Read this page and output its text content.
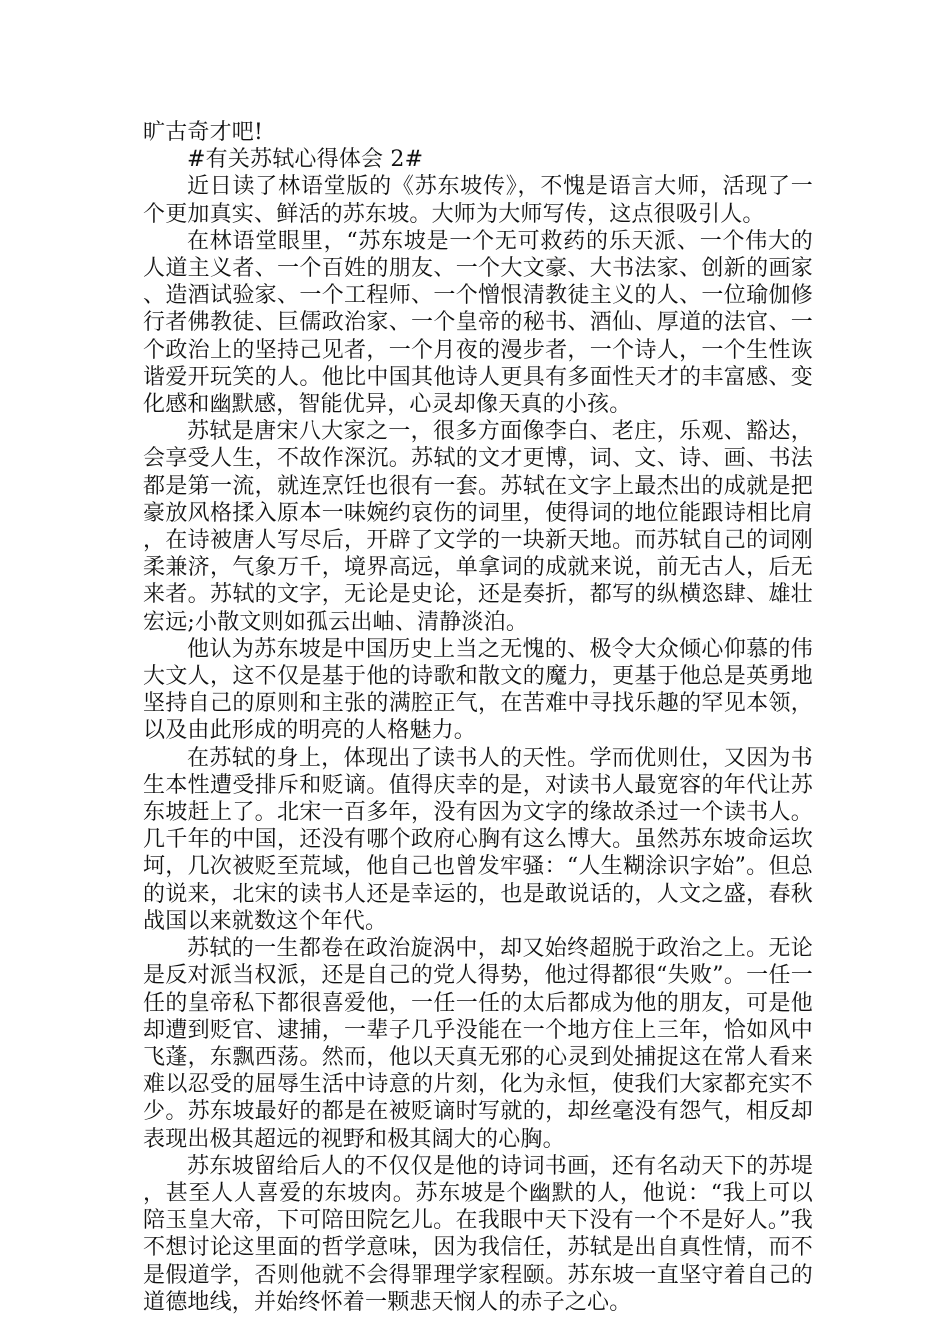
旷古奇才吧!

#有关苏轼心得体会 2#

近日读了林语堂版的《苏东坡传》，不愧是语言大师，活现了一个更加真实、鲜活的苏东坡。大师为大师写传，这点很吸引人。

在林语堂眼里，“苏东坡是一个无可救药的乐天派、一个伟大的人道主义者、一个百姓的朋友、一个大文豪、大书法家、创新的画家、造酒试验家、一个工程师、一个憎恨清教徒主义的人、一位瑜伽修行者佛教徒、巨儒政治家、一个皇帝的秘书、酒仙、厚道的法官、一个政治上的坚持己见者，一个月夜的漫步者，一个诗人，一个生性诙谐爱开玩笑的人。他比中国其他诗人更具有多面性天才的丰富感、变化感和幽默感，智能优异，心灵却像天真的小孩。

苏轼是唐宋八大家之一，很多方面像李白、老庄，乐观、豁达，会享受人生，不故作深沉。苏轼的文才更博，词、文、诗、画、书法都是第一流，就连烹饪也很有一套。苏轼在文字上最杰出的成就是把豪放风格揉入原本一味婉约哀伤的词里，使得词的地位能跟诗相比肩，在诗被唐人写尽后，开辟了文学的一块新天地。而苏轼自己的词刚柔兼济，气象万千，境界高远，单拿词的成就来说，前无古人，后无来者。苏轼的文字，无论是史论，还是奏折，都写的纵横恣肆、雄壮宏远;小散文则如孤云出岫、清静淡泊。

他认为苏东坡是中国历史上当之无愧的、极令大众倾心仰慕的伟大文人，这不仅是基于他的诗歌和散文的魔力，更基于他总是英勇地坚持自己的原则和主张的满腔正气，在苦难中寻找乐趣的罕见本领，以及由此形成的明亮的人格魅力。

在苏轼的身上，体现出了读书人的天性。学而优则仕，又因为书生本性遭受排斥和贬谪。值得庆幸的是，对读书人最宽容的年代让苏东坡赶上了。北宋一百多年，没有因为文字的缘故杀过一个读书人。几千年的中国，还没有哪个政府心胸有这么博大。虽然苏东坡命运坎坷，几次被贬至荒域，他自己也曾发牢骚：“人生糊涂识字始”。但总的说来，北宋的读书人还是幸运的，也是敢说话的，人文之盛，春秋战国以来就数这个年代。

苏轼的一生都卷在政治旋涡中，却又始终超脱于政治之上。无论是反对派当权派，还是自己的党人得势，他过得都很“失败”。一任一任的皇帝私下都很喜爱他，一任一任的太后都成为他的朋友，可是他却遭到贬官、逮捕，一辈子几乎没能在一个地方住上三年，恰如风中飞蓬，东飘西荡。然而，他以天真无邪的心灵到处捕捉这在常人看来难以忍受的屈辱生活中诗意的片刻，化为永恒，使我们大家都充实不少。苏东坡最好的都是在被贬谪时写就的，却丝毫没有怨气，相反却表现出极其超远的视野和极其阔大的心胸。

苏东坡留给后人的不仅仅是他的诗词书画，还有名动天下的苏堤，甚至人人喜爱的东坡肉。苏东坡是个幽默的人，他说：“我上可以陪玉皇大帝，下可陪田院乞儿。在我眼中天下没有一个不是好人。”我不想讨论这里面的哲学意味，因为我信任，苏轼是出自真性情，而不是假道学，否则他就不会得罪理学家程颐。苏东坡一直坚守着自己的道德地线，并始终怀着一颗悲天悯人的赤子之心。
